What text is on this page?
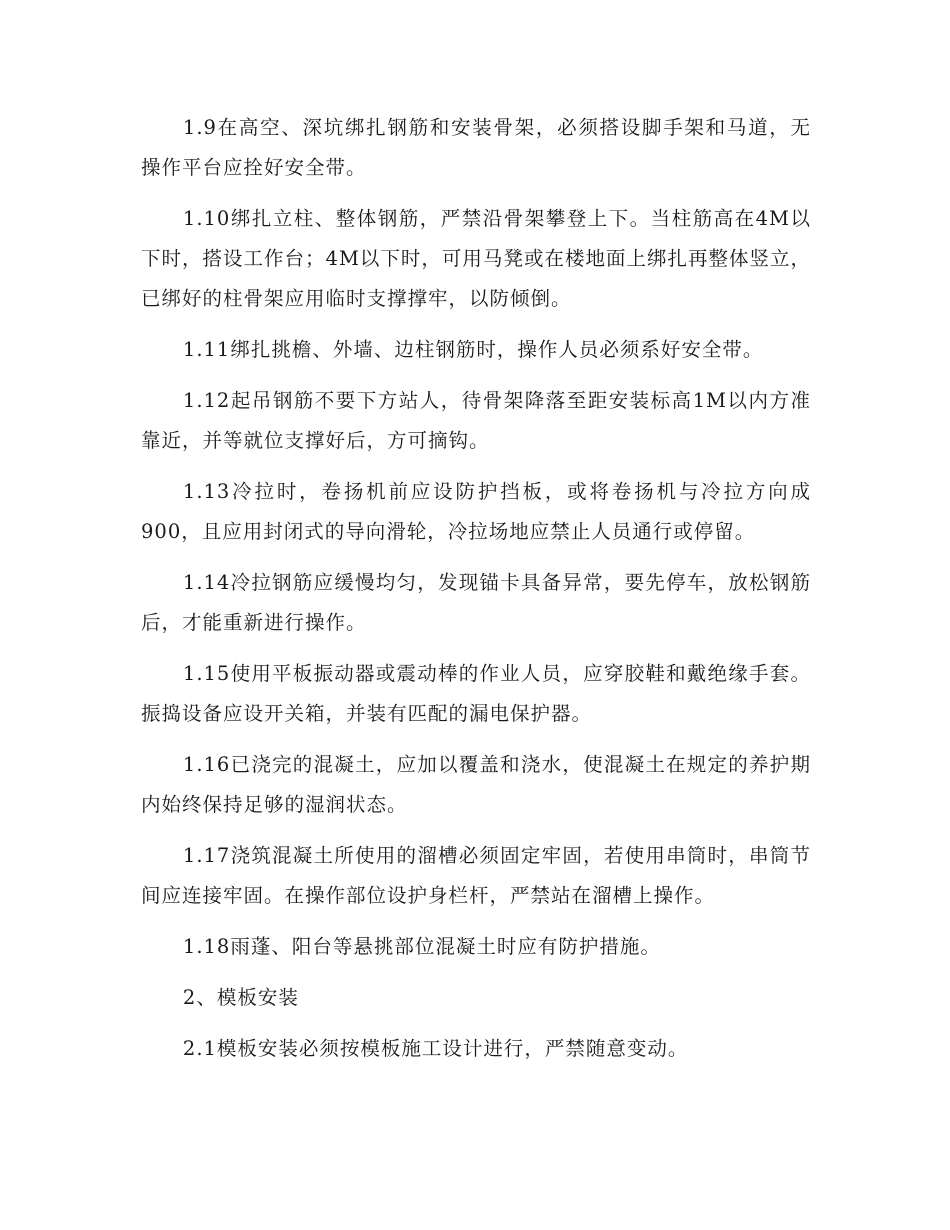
1.9在高空、深坑绑扎钢筋和安装骨架，必须搭设脚手架和马道，无操作平台应拴好安全带。

1.10绑扎立柱、整体钢筋，严禁沿骨架攀登上下。当柱筋高在4M以下时，搭设工作台；4M以下时，可用马凳或在楼地面上绑扎再整体竖立，已绑好的柱骨架应用临时支撑撑牢，以防倾倒。

1.11绑扎挑檐、外墙、边柱钢筋时，操作人员必须系好安全带。

1.12起吊钢筋不要下方站人，待骨架降落至距安装标高1M以内方准靠近，并等就位支撑好后，方可摘钩。

1.13冷拉时，卷扬机前应设防护挡板，或将卷扬机与冷拉方向成900，且应用封闭式的导向滑轮，冷拉场地应禁止人员通行或停留。

1.14冷拉钢筋应缓慢均匀，发现锚卡具备异常，要先停车，放松钢筋后，才能重新进行操作。

1.15使用平板振动器或震动棒的作业人员，应穿胶鞋和戴绝缘手套。振捣设备应设开关箱，并装有匹配的漏电保护器。

1.16已浇完的混凝土，应加以覆盖和浇水，使混凝土在规定的养护期内始终保持足够的湿润状态。

1.17浇筑混凝土所使用的溜槽必须固定牢固，若使用串筒时，串筒节间应连接牢固。在操作部位设护身栏杆，严禁站在溜槽上操作。

1.18雨蓬、阳台等悬挑部位混凝土时应有防护措施。

2、模板安装

2.1模板安装必须按模板施工设计进行，严禁随意变动。
